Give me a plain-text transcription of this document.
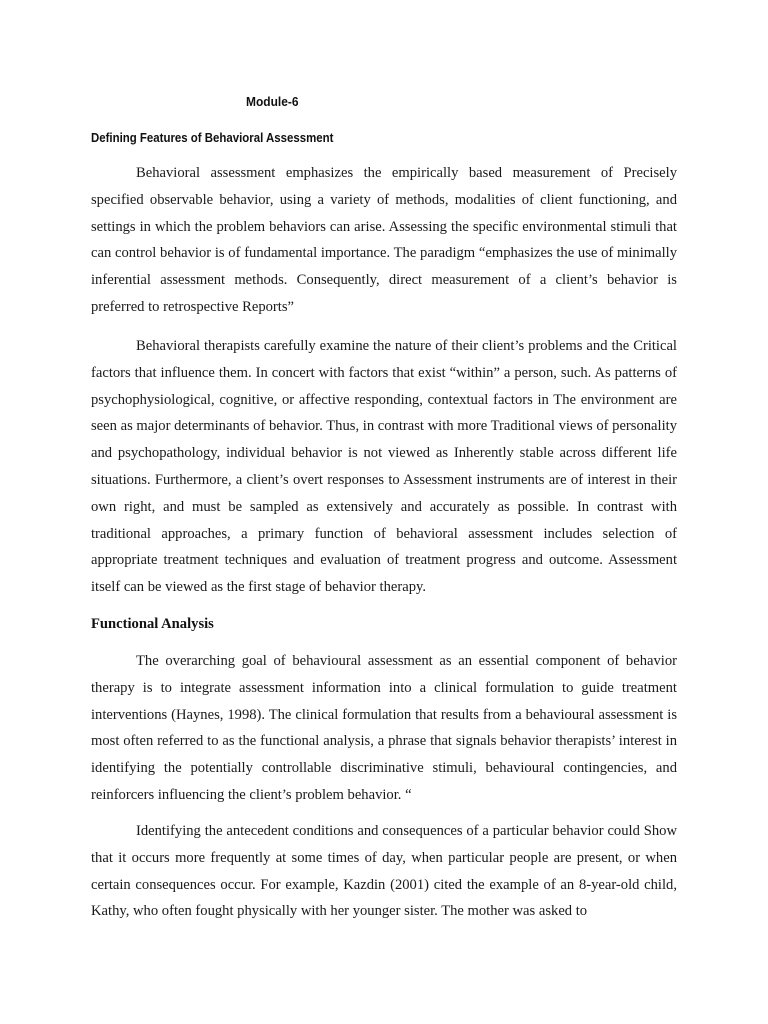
Module-6

Defining Features of Behavioral Assessment

Behavioral assessment emphasizes the empirically based measurement of Precisely specified observable behavior, using a variety of methods, modalities of client functioning, and settings in which the problem behaviors can arise. Assessing the specific environmental stimuli that can control behavior is of fundamental importance. The paradigm “emphasizes the use of minimally inferential assessment methods. Consequently, direct measurement of a client’s behavior is preferred to retrospective Reports”

Behavioral therapists carefully examine the nature of their client’s problems and the Critical factors that influence them. In concert with factors that exist “within” a person, such. As patterns of psychophysiological, cognitive, or affective responding, contextual factors in The environment are seen as major determinants of behavior. Thus, in contrast with more Traditional views of personality and psychopathology, individual behavior is not viewed as Inherently stable across different life situations. Furthermore, a client’s overt responses to Assessment instruments are of interest in their own right, and must be sampled as extensively and accurately as possible. In contrast with traditional approaches, a primary function of behavioral assessment includes selection of appropriate treatment techniques and evaluation of treatment progress and outcome. Assessment itself can be viewed as the first stage of behavior therapy.

Functional Analysis

The overarching goal of behavioural assessment as an essential component of behavior therapy is to integrate assessment information into a clinical formulation to guide treatment interventions (Haynes, 1998). The clinical formulation that results from a behavioural assessment is most often referred to as the functional analysis, a phrase that signals behavior therapists’ interest in identifying the potentially controllable discriminative stimuli, behavioural contingencies, and reinforcers influencing the client’s problem behavior. “

Identifying the antecedent conditions and consequences of a particular behavior could Show that it occurs more frequently at some times of day, when particular people are present, or when certain consequences occur. For example, Kazdin (2001) cited the example of an 8-year-old child, Kathy, who often fought physically with her younger sister. The mother was asked to
